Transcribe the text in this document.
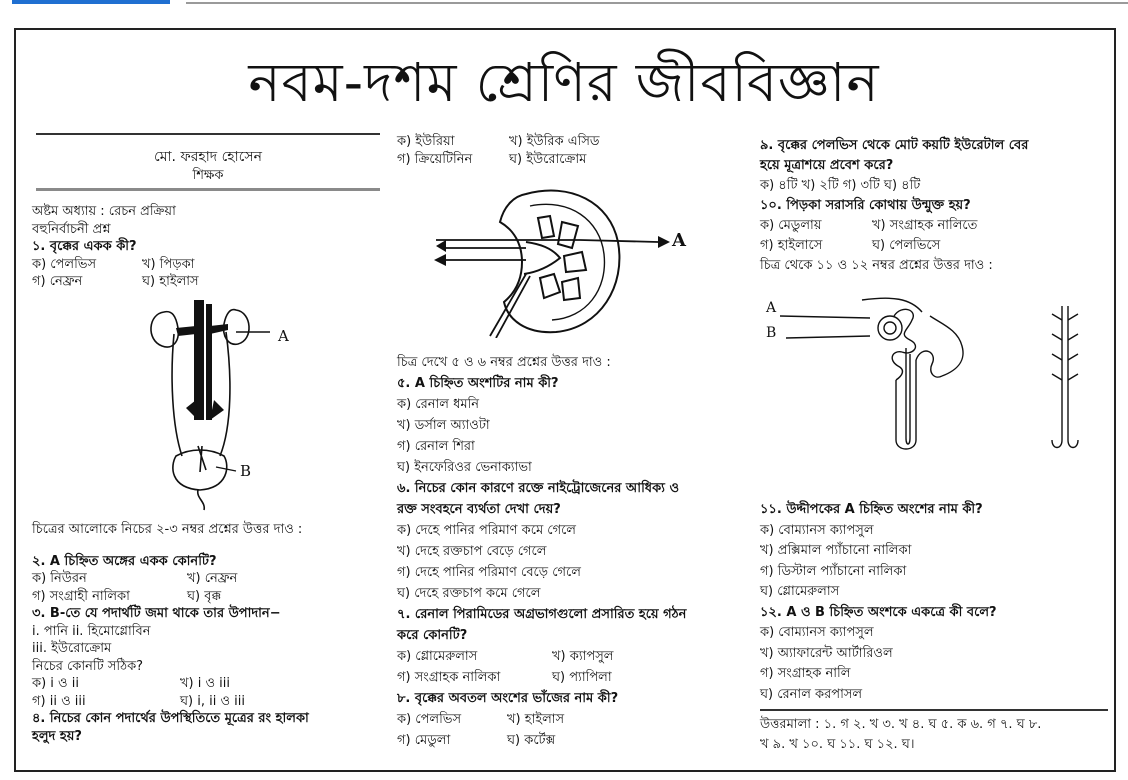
নবম-দশম শ্রেণির জীববিজ্ঞান

মো. ফরহাদ হোসেন

শিক্ষক

অষ্টম অধ্যায় : রেচন প্রক্রিয়া

বহুনির্বাচনী প্রশ্ন

১. বৃক্কের একক কী?

ক) পেলভিস	খ) পিড়কা

গ) নেফ্রন	ঘ) হাইলাস

A
B

চিত্রের আলোকে নিচের ২-৩ নম্বর প্রশ্নের উত্তর দাও :

২. A চিহ্নিত অঙ্গের একক কোনটি?

ক) নিউরন	খ) নেফ্রন

গ) সংগ্রাহী নালিকা	ঘ) বৃক্ক

৩. B-তে যে পদার্থটি জমা থাকে তার উপাদান−

i. পানি ii. হিমোগ্লোবিন

iii. ইউরোক্রোম

নিচের কোনটি সঠিক?

ক) i ও ii	খ) i ও iii

গ) ii ও iii	ঘ) i, ii ও iii

৪. নিচের কোন পদার্থের উপস্থিতিতে মূত্রের রং হালকা

হলুদ হয়?

ক) ইউরিয়া	খ) ইউরিক এসিড

গ) ক্রিয়েটিনিন	ঘ) ইউরোক্রোম

A

চিত্র দেখে ৫ ও ৬ নম্বর প্রশ্নের উত্তর দাও :

৫. A চিহ্নিত অংশটির নাম কী?

ক) রেনাল ধমনি

খ) ডর্সাল অ্যাওটা

গ) রেনাল শিরা

ঘ) ইনফেরিওর ভেনাক্যাভা

৬. নিচের কোন কারণে রক্তে নাইট্রোজেনের আধিক্য ও

রক্ত সংবহনে ব্যর্থতা দেখা দেয়?

ক) দেহে পানির পরিমাণ কমে গেলে

খ) দেহে রক্তচাপ বেড়ে গেলে

গ) দেহে পানির পরিমাণ বেড়ে গেলে

ঘ) দেহে রক্তচাপ কমে গেলে

৭. রেনাল পিরামিডের অগ্রভাগগুলো প্রসারিত হয়ে গঠন

করে কোনটি?

ক) গ্লোমেরুলাস	খ) ক্যাপসুল

গ) সংগ্রাহক নালিকা	ঘ) প্যাপিলা

৮. বৃক্কের অবতল অংশের ভাঁজের নাম কী?

ক) পেলভিস	খ) হাইলাস

গ) মেডুলা	ঘ) কর্টেক্স

৯. বৃক্কের পেলভিস থেকে মোট কয়টি ইউরেটাল বের

হয়ে মূত্রাশয়ে প্রবেশ করে?

ক) ৪টি খ) ২টি গ) ৩টি ঘ) ৪টি

১০. পিড়কা সরাসরি কোথায় উন্মুক্ত হয়?

ক) মেডুলায়	খ) সংগ্রাহক নালিতে

গ) হাইলাসে	ঘ) পেলভিসে

চিত্র থেকে ১১ ও ১২ নম্বর প্রশ্নের উত্তর দাও :

A
B

১১. উদ্দীপকের A চিহ্নিত অংশের নাম কী?

ক) বোম্যানস ক্যাপসুল

খ) প্রক্সিমাল প্যাঁচানো নালিকা

গ) ডিস্টাল প্যাঁচানো নালিকা

ঘ) গ্লোমেরুলাস

১২. A ও B চিহ্নিত অংশকে একত্রে কী বলে?

ক) বোম্যানস ক্যাপসুল

খ) অ্যাফারেন্ট আর্টারিওল

গ) সংগ্রাহক নালি

ঘ) রেনাল করপাসল

উত্তরমালা : ১. গ ২. খ ৩. খ ৪. ঘ ৫. ক ৬. গ ৭. ঘ ৮.

খ ৯. খ ১০. ঘ ১১. ঘ ১২. ঘ।
